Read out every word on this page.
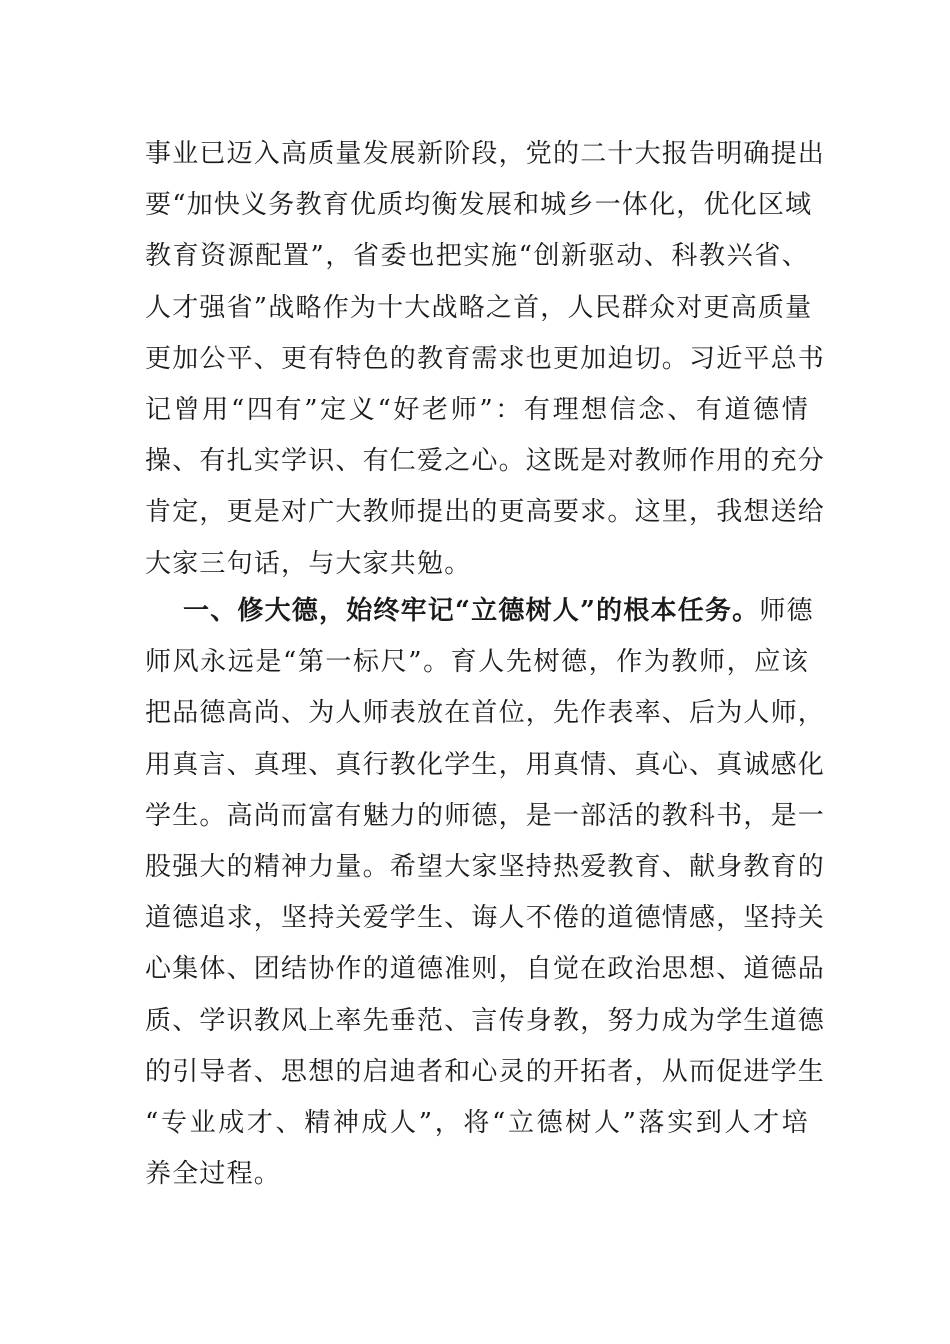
事业已迈入高质量发展新阶段，党的二十大报告明确提出
要“加快义务教育优质均衡发展和城乡一体化，优化区域
教育资源配置”，省委也把实施“创新驱动、科教兴省、
人才强省”战略作为十大战略之首，人民群众对更高质量
更加公平、更有特色的教育需求也更加迫切。习近平总书
记曾用“四有”定义“好老师”：有理想信念、有道德情
操、有扎实学识、有仁爱之心。这既是对教师作用的充分
肯定，更是对广大教师提出的更高要求。这里，我想送给
大家三句话，与大家共勉。
一、修大德，始终牢记“立德树人”的根本任务。师德
师风永远是“第一标尺”。育人先树德，作为教师，应该
把品德高尚、为人师表放在首位，先作表率、后为人师，
用真言、真理、真行教化学生，用真情、真心、真诚感化
学生。高尚而富有魅力的师德，是一部活的教科书，是一
股强大的精神力量。希望大家坚持热爱教育、献身教育的
道德追求，坚持关爱学生、诲人不倦的道德情感，坚持关
心集体、团结协作的道德准则，自觉在政治思想、道德品
质、学识教风上率先垂范、言传身教，努力成为学生道德
的引导者、思想的启迪者和心灵的开拓者，从而促进学生
“专业成才、精神成人”，将“立德树人”落实到人才培
养全过程。
